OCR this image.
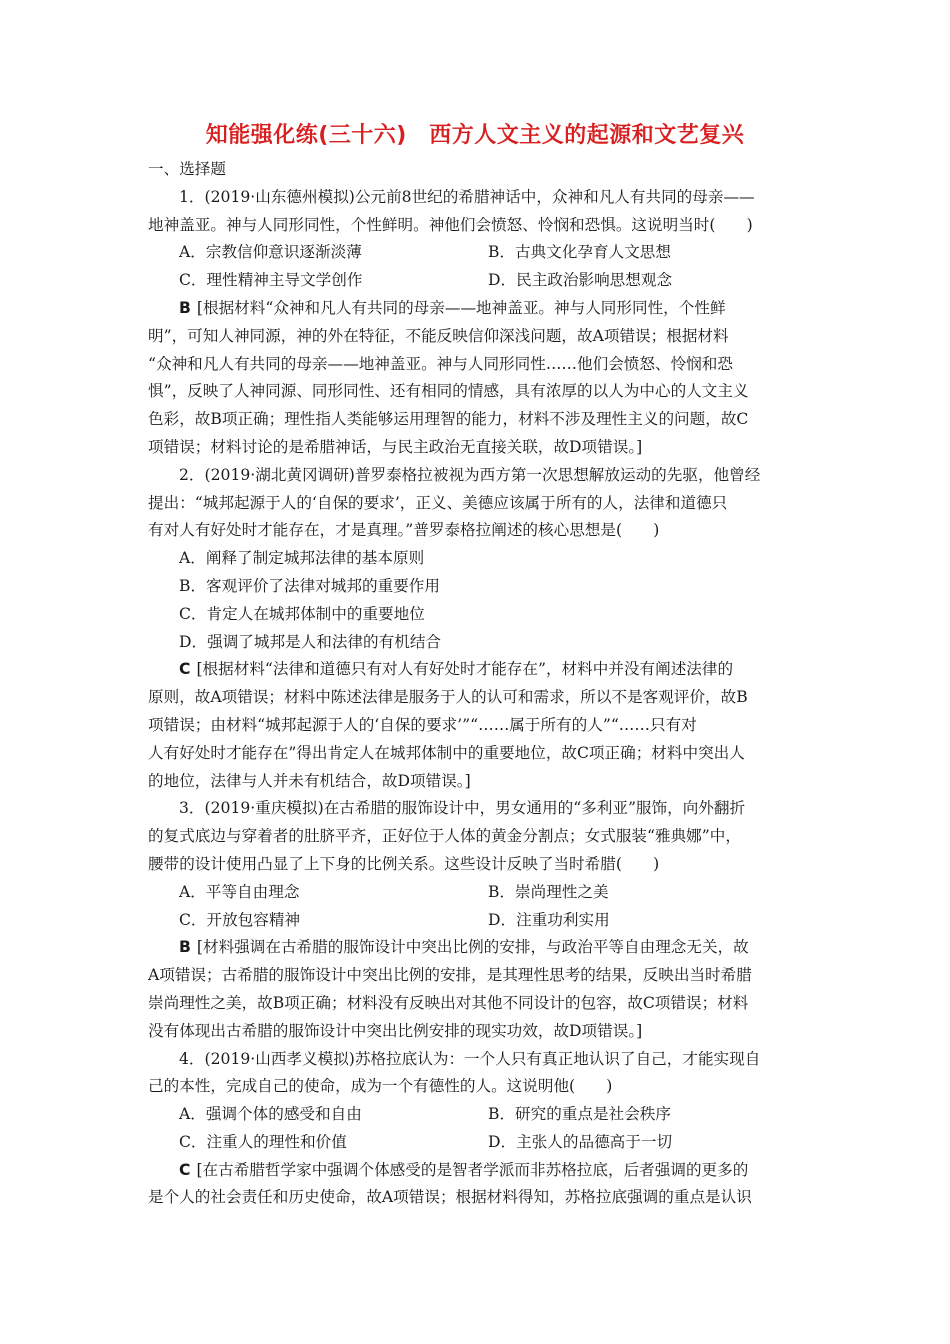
知能强化练(三十六)　西方人文主义的起源和文艺复兴
一、选择题
1．(2019·山东德州模拟)公元前8世纪的希腊神话中，众神和凡人有共同的母亲——
地神盖亚。神与人同形同性，个性鲜明。神他们会愤怒、怜悯和恐惧。这说明当时(　　)
A．宗教信仰意识逐渐淡薄	B．古典文化孕育人文思想
C．理性精神主导文学创作	D．民主政治影响思想观念
B [根据材料“众神和凡人有共同的母亲——地神盖亚。神与人同形同性，个性鲜
明”，可知人神同源，神的外在特征，不能反映信仰深浅问题，故A项错误；根据材料
“众神和凡人有共同的母亲——地神盖亚。神与人同形同性……他们会愤怒、怜悯和恐
惧”，反映了人神同源、同形同性、还有相同的情感，具有浓厚的以人为中心的人文主义
色彩，故B项正确；理性指人类能够运用理智的能力，材料不涉及理性主义的问题，故C
项错误；材料讨论的是希腊神话，与民主政治无直接关联，故D项错误。]
2．(2019·湖北黄冈调研)普罗泰格拉被视为西方第一次思想解放运动的先驱，他曾经
提出：“城邦起源于人的‘自保的要求’，正义、美德应该属于所有的人，法律和道德只
有对人有好处时才能存在，才是真理。”普罗泰格拉阐述的核心思想是(　　)
A．阐释了制定城邦法律的基本原则
B．客观评价了法律对城邦的重要作用
C．肯定人在城邦体制中的重要地位
D．强调了城邦是人和法律的有机结合
C [根据材料“法律和道德只有对人有好处时才能存在”，材料中并没有阐述法律的
原则，故A项错误；材料中陈述法律是服务于人的认可和需求，所以不是客观评价，故B
项错误；由材料“城邦起源于人的‘自保的要求’”“……属于所有的人”“……只有对
人有好处时才能存在”得出肯定人在城邦体制中的重要地位，故C项正确；材料中突出人
的地位，法律与人并未有机结合，故D项错误。]
3．(2019·重庆模拟)在古希腊的服饰设计中，男女通用的“多利亚”服饰，向外翻折
的复式底边与穿着者的肚脐平齐，正好位于人体的黄金分割点；女式服装“雅典娜”中，
腰带的设计使用凸显了上下身的比例关系。这些设计反映了当时希腊(　　)
A．平等自由理念	B．崇尚理性之美
C．开放包容精神	D．注重功利实用
B [材料强调在古希腊的服饰设计中突出比例的安排，与政治平等自由理念无关，故
A项错误；古希腊的服饰设计中突出比例的安排，是其理性思考的结果，反映出当时希腊
崇尚理性之美，故B项正确；材料没有反映出对其他不同设计的包容，故C项错误；材料
没有体现出古希腊的服饰设计中突出比例安排的现实功效，故D项错误。]
4．(2019·山西孝义模拟)苏格拉底认为：一个人只有真正地认识了自己，才能实现自
己的本性，完成自己的使命，成为一个有德性的人。这说明他(　　)
A．强调个体的感受和自由	B．研究的重点是社会秩序
C．注重人的理性和价值	D．主张人的品德高于一切
C [在古希腊哲学家中强调个体感受的是智者学派而非苏格拉底，后者强调的更多的
是个人的社会责任和历史使命，故A项错误；根据材料得知，苏格拉底强调的重点是认识
